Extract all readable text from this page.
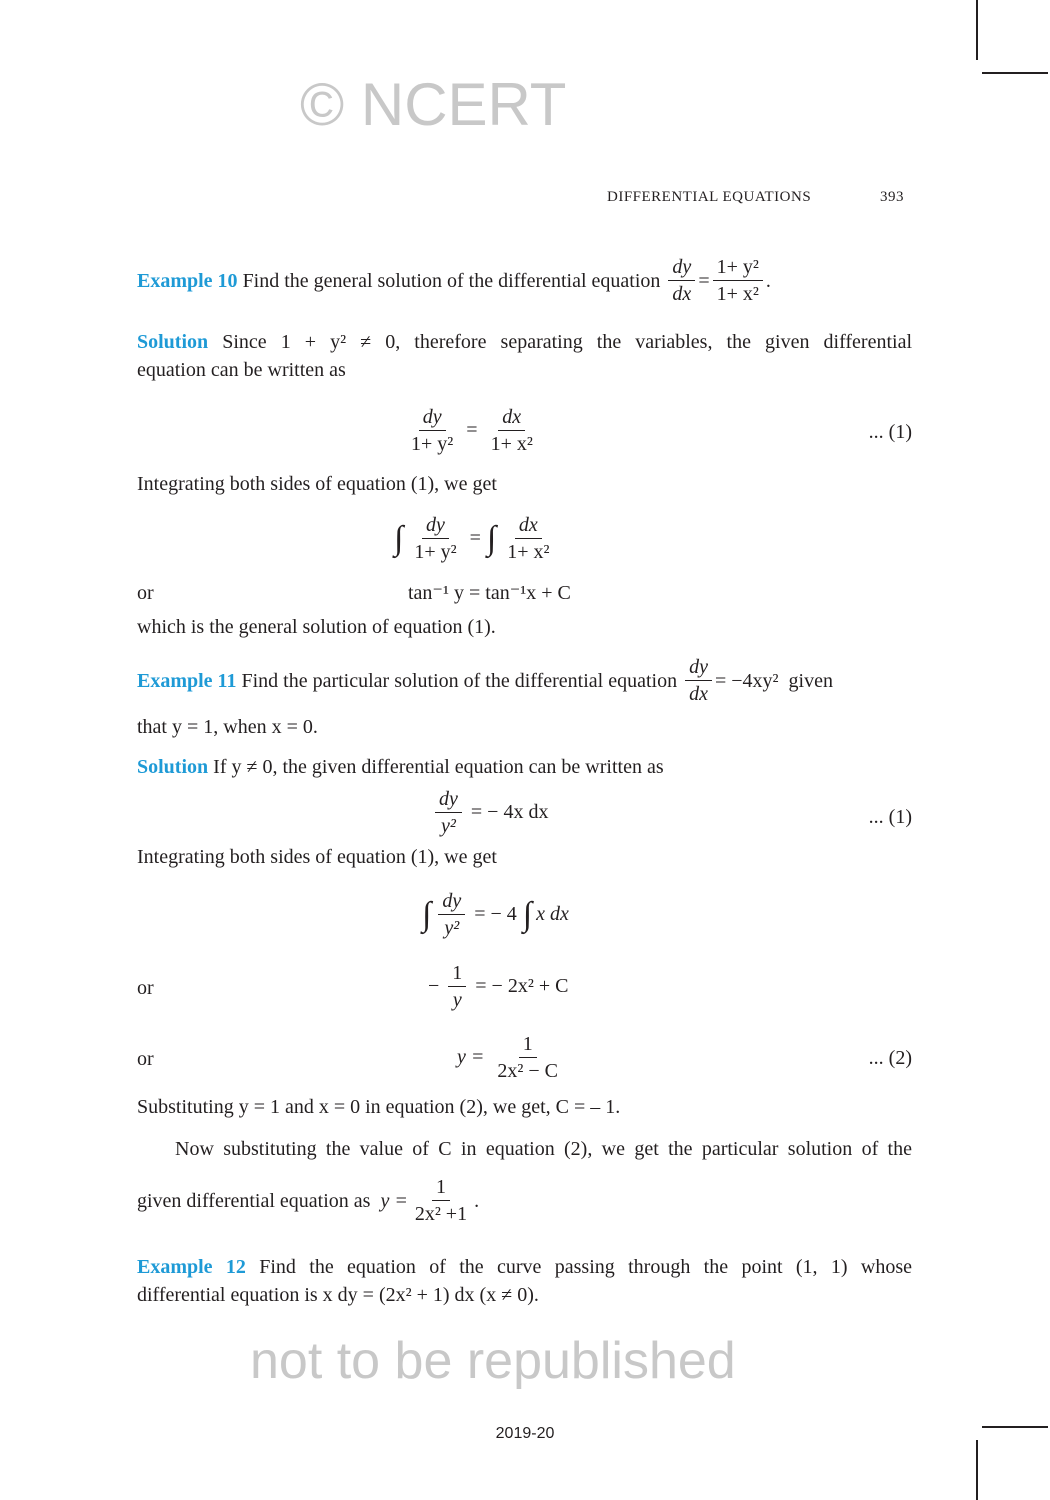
© NCERT
not to be republished
DIFFERENTIAL EQUATIONS	393
Example 10
Find the general solution of the differential equation
$\frac{dy}{dx} = \frac{\text{1+ y²}}{\text{1+ x²}}$ .
Solution Since 1 + y² ≠ 0, therefore separating the variables, the given differential
equation can be written as
$\frac{dy}{\text{1+ y²}} = \frac{dx}{\text{1+ x²}}$	... (1)
Integrating both sides of equation (1), we get
∫ $\frac{dy}{\text{1+ y²}}$ = ∫ $\frac{dx}{\text{1+ x²}}$
or	tan⁻¹ y = tan⁻¹x + C
which is the general solution of equation (1).
Example 11
Find the particular solution of the differential equation
$\frac{dy}{dx} = -4xy^2$ given
that y = 1, when x = 0.
Solution If y ≠ 0, the given differential equation can be written as
$\frac{dy}{\text{y²}}$ = − 4x dx	... (1)
Integrating both sides of equation (1), we get
∫ $\frac{dy}{\text{y²}}$ = − 4 ∫ x dx
or	− $\frac{1}{y}$ = − 2x² + C
or	$y = \frac{1}{\text{2x² − C}}$	... (2)
Substituting y = 1 and x = 0 in equation (2), we get, C = – 1.
Now substituting the value of C in equation (2), we get the particular solution of the
given differential equation as
$y = \frac{1}{\text{2x² +1}}$ .
Example 12 Find the equation of the curve passing through the point (1, 1) whose
differential equation is x dy = (2x² + 1) dx (x ≠ 0).
2019-20
